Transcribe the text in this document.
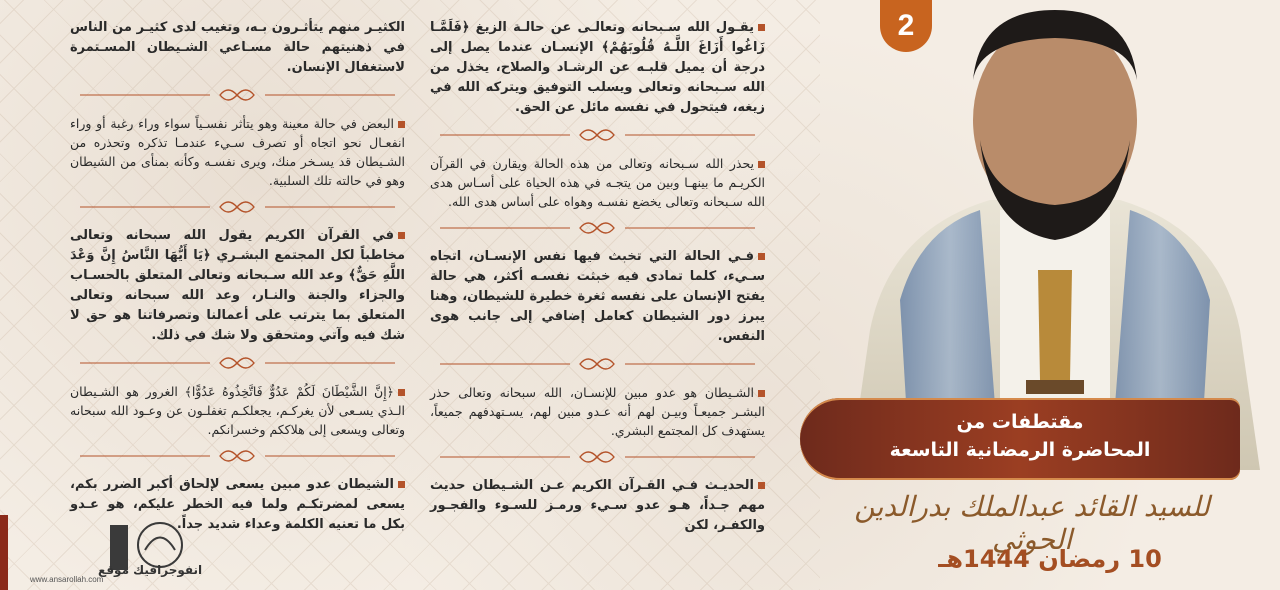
يقـول الله سـبحانه وتعالـى عن حالـة الزيغ ﴿فَلَمَّـا زَاغُوا أَزَاغَ اللَّـهُ قُلُوبَهُمْ﴾ الإنسـان عندما يصل إلى درجة أن يميل قلبـه عن الرشـاد والصلاح، يخذل من الله سـبحانه وتعالى ويسلب التوفيق ويتركه الله في زيغه، فيتحول في نفسه مائل عن الحق.

يحذر الله سـبحانه وتعالى من هذه الحالة ويقارن في القرآن الكريـم ما بينهـا وبين من يتجـه في هذه الحياة على أسـاس هدى الله سـبحانه وتعالى يخضع نفسـه وهواه على أساس هدى الله.

فـي الحالة التي تخبث فيها نفس الإنسـان، اتجاه سـيء، كلما تمادى فيه خبثت نفسـه أكثر، هي حالة يفتح الإنسان على نفسه ثغرة خطيرة للشيطان، وهنا يبرز دور الشيطان كعامل إضافي إلى جانب هوى النفس.

الشـيطان هو عدو مبين للإنسـان، الله سبحانه وتعالى حذر البشـر جميعـاً وبيـن لهم أنه عـدو مبين لهم، يسـتهدفهم جميعاً، يستهدف كل المجتمع البشري.

الحديـث فـي القـرآن الكريم عـن الشـيطان حديث مهم جـداً، هـو عدو سـيء ورمـز للسـوء والفجـور والكفـر، لكن

الكثيـر منهم يتأثـرون بـه، وتغيب لدى كثيـر من الناس في ذهنيتهم حالة مسـاعي الشـيطان المسـتمرة لاستغفال الإنسان.

البعض في حالة معينة وهو يتأثر نفسـياً سواء وراء رغبة أو وراء انفعـال نحو اتجاه أو تصرف سـيء عندمـا تذكره وتحذره من الشـيطان قد يسـخر منك، ويرى نفسـه وكأنه بمنأى من الشيطان وهو في حالته تلك السلبية.

في القرآن الكريم يقول الله سبحانه وتعالى مخاطباً لكل المجتمع البشـري ﴿يَا أَيُّهَا النَّاسُ إِنَّ وَعْدَ اللَّهِ حَقٌّ﴾ وعد الله سـبحانه وتعالى المتعلق بالحسـاب والجزاء والجنة والنـار، وعد الله سبحانه وتعالى المتعلق بما يترتب على أعمالنا وتصرفاتنا هو حق لا شك فيه وآتي ومتحقق ولا شك في ذلك.

﴿إِنَّ الشَّيْطَانَ لَكُمْ عَدُوٌّ فَاتَّخِذُوهُ عَدُوًّا﴾ الغرور هو الشـيطان الـذي يسـعى لأن يغركـم، يجعلكـم تغفلـون عن وعـود الله سبحانه وتعالى ويسعى إلى هلاككم وخسرانكم.

الشيطان عدو مبين يسعى لإلحاق أكبر الضرر بكم، يسعى لمضرتكـم ولما فيه الخطر عليكم، هو عـدو بكل ما تعنيه الكلمة وعداء شديد جداً.

2
مقتطفات من
المحاضرة الرمضانية التاسعة
للسيد القائد عبدالملك بدرالدين الحوثي
10 رمضان 1444هـ
انفوجرافيك موقع
www.ansarollah.com
